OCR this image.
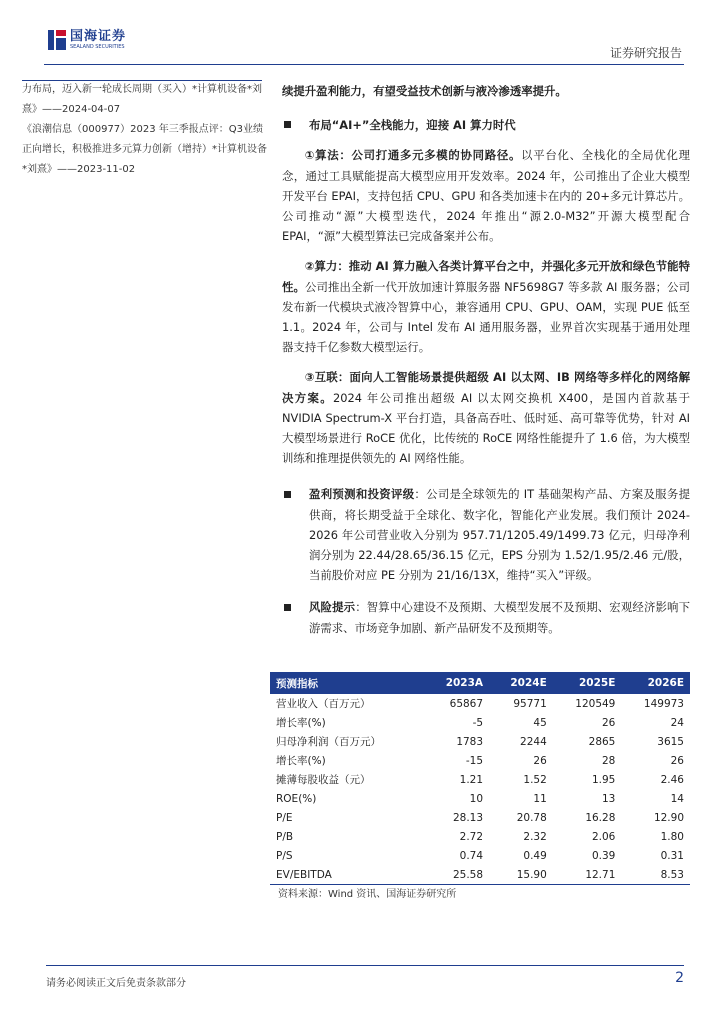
国海证券
SEALAND SECURITIES	证券研究报告

力布局，迈入新一轮成长周期（买入）*计算机设备*刘熹》——2024-04-07

《浪潮信息（000977）2023 年三季报点评：Q3业绩正向增长，积极推进多元算力创新（增持）*计算机设备*刘熹》——2023-11-02

续提升盈利能力，有望受益技术创新与液冷渗透率提升。

布局“AI+”全栈能力，迎接 AI 算力时代

①算法：公司打通多元多模的协同路径。以平台化、全栈化的全局优化理念，通过工具赋能提高大模型应用开发效率。2024 年，公司推出了企业大模型开发平台 EPAI，支持包括 CPU、GPU 和各类加速卡在内的 20+多元计算芯片。公司推动“源”大模型迭代，2024 年推出“源2.0-M32”开源大模型配合 EPAI，“源”大模型算法已完成备案并公布。

②算力：推动 AI 算力融入各类计算平台之中，并强化多元开放和绿色节能特性。公司推出全新一代开放加速计算服务器 NF5698G7 等多款 AI 服务器；公司发布新一代模块式液冷智算中心，兼容通用 CPU、GPU、OAM，实现 PUE 低至 1.1。2024 年，公司与 Intel 发布 AI 通用服务器，业界首次实现基于通用处理器支持千亿参数大模型运行。

③互联：面向人工智能场景提供超级 AI 以太网、IB 网络等多样化的网络解决方案。2024 年公司推出超级 AI 以太网交换机 X400，是国内首款基于 NVIDIA Spectrum-X 平台打造，具备高吞吐、低时延、高可靠等优势，针对 AI 大模型场景进行 RoCE 优化，比传统的 RoCE 网络性能提升了 1.6 倍，为大模型训练和推理提供领先的 AI 网络性能。

盈利预测和投资评级：公司是全球领先的 IT 基础架构产品、方案及服务提供商，将长期受益于全球化、数字化，智能化产业发展。我们预计 2024-2026 年公司营业收入分别为 957.71/1205.49/1499.73 亿元，归母净利润分别为 22.44/28.65/36.15 亿元，EPS 分别为 1.52/1.95/2.46 元/股，当前股价对应 PE 分别为 21/16/13X，维持“买入”评级。
风险提示：智算中心建设不及预期、大模型发展不及预期、宏观经济影响下游需求、市场竞争加剧、新产品研发不及预期等。
预测指标	2023A	2024E	2025E	2026E
营业收入（百万元）	65867	95771	120549	149973
增长率(%)	-5	45	26	24
归母净利润（百万元）	1783	2244	2865	3615
增长率(%)	-15	26	28	26
摊薄每股收益（元）	1.21	1.52	1.95	2.46
ROE(%)	10	11	13	14
P/E	28.13	20.78	16.28	12.90
P/B	2.72	2.32	2.06	1.80
P/S	0.74	0.49	0.39	0.31
EV/EBITDA	25.58	15.90	12.71	8.53
资料来源：Wind 资讯、国海证券研究所
请务必阅读正文后免责条款部分	2
